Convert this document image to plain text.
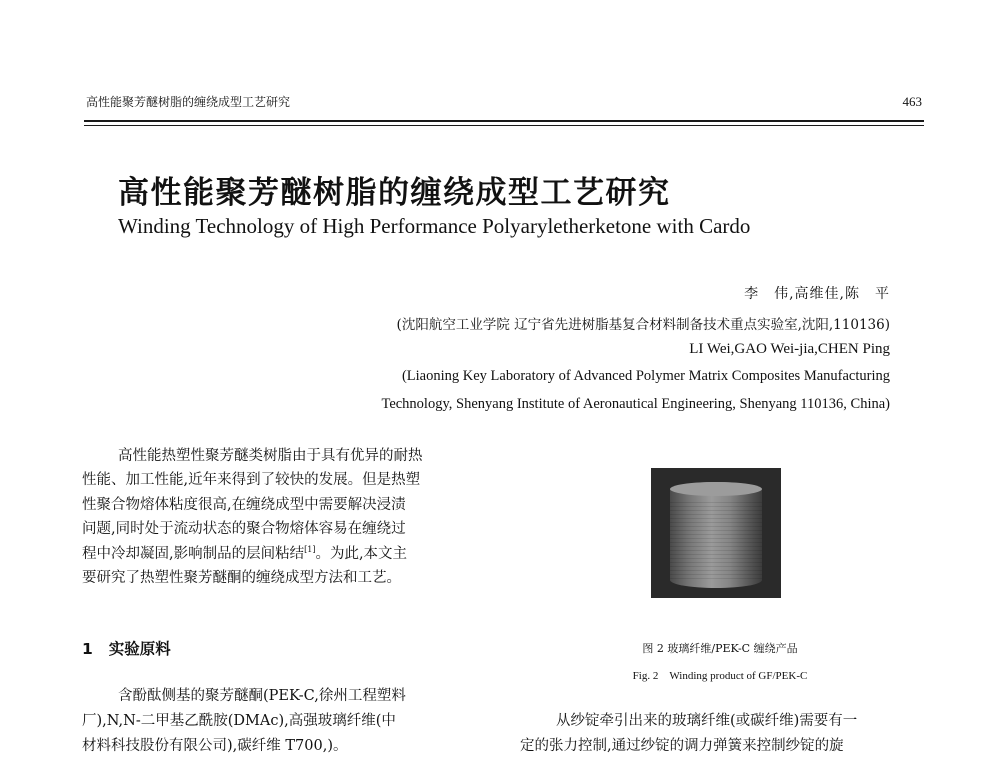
高性能聚芳醚树脂的缠绕成型工艺研究	463
高性能聚芳醚树脂的缠绕成型工艺研究
Winding Technology of High Performance Polyaryletherketone with Cardo
李　伟,高维佳,陈　平
(沈阳航空工业学院 辽宁省先进树脂基复合材料制备技术重点实验室,沈阳,110136)
LI Wei,GAO Wei-jia,CHEN Ping
(Liaoning Key Laboratory of Advanced Polymer Matrix Composites Manufacturing
Technology, Shenyang Institute of Aeronautical Engineering, Shenyang 110136, China)
高性能热塑性聚芳醚类树脂由于具有优异的耐热
性能、加工性能,近年来得到了较快的发展。但是热塑
性聚合物熔体粘度很高,在缠绕成型中需要解决浸渍
问题,同时处于流动状态的聚合物熔体容易在缠绕过
程中冷却凝固,影响制品的层间粘结[1]。为此,本文主
要研究了热塑性聚芳醚酮的缠绕成型方法和工艺。
1 实验原料
含酚酞侧基的聚芳醚酮(PEK-C,徐州工程塑料
厂),N,N-二甲基乙酰胺(DMAc),高强玻璃纤维(中
材料科技股份有限公司),碳纤维 T700,)。
图 2 玻璃纤维/PEK-C 缠绕产品
Fig. 2　Winding product of GF/PEK-C
从纱锭牵引出来的玻璃纤维(或碳纤维)需要有一
定的张力控制,通过纱锭的调力弹簧来控制纱锭的旋
